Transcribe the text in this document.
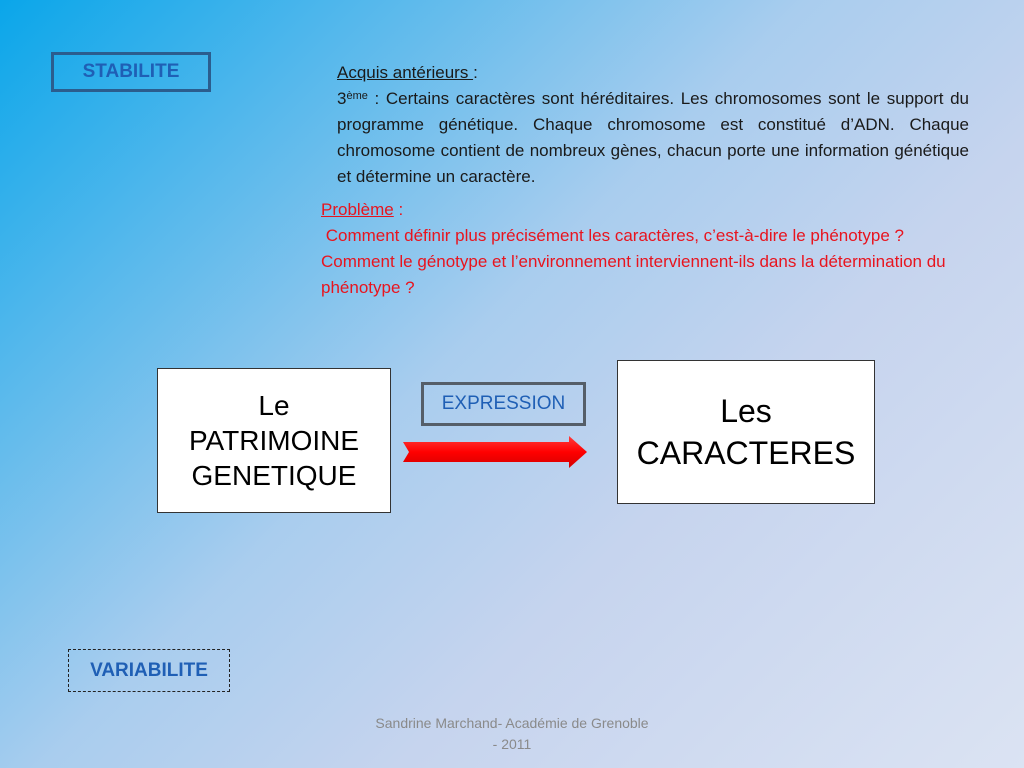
STABILITE	Acquis antérieurs :
3ème : Certains caractères sont héréditaires. Les chromosomes sont le support du programme génétique. Chaque chromosome est constitué d’ADN. Chaque chromosome contient de nombreux gènes, chacun porte une information génétique et détermine un caractère.
Problème :
Comment définir plus précisément les caractères, c’est-à-dire le phénotype ?
Comment le génotype et l’environnement interviennent-ils dans la détermination du phénotype ?
Le
PATRIMOINE
GENETIQUE
EXPRESSION	Les
CARACTERES
VARIABILITE
Sandrine Marchand- Académie de Grenoble
- 2011
